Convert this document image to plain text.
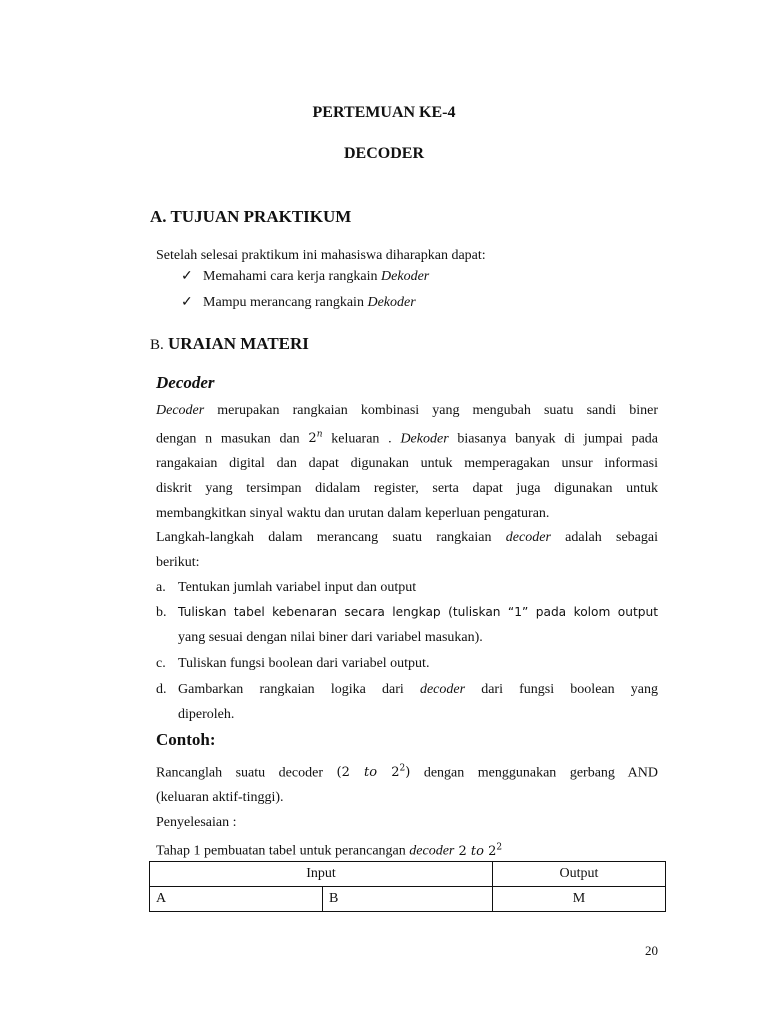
PERTEMUAN KE-4
DECODER
A. TUJUAN PRAKTIKUM
Setelah selesai praktikum ini mahasiswa diharapkan dapat:
✓ Memahami cara kerja rangkain Dekoder
✓ Mampu merancang rangkain Dekoder
B. URAIAN MATERI
Decoder
Decoder merupakan rangkaian kombinasi yang mengubah suatu sandi biner
dengan n masukan dan 2$^n$ keluaran . Dekoder biasanya banyak di jumpai pada
rangakaian digital dan dapat digunakan untuk memperagakan unsur informasi
diskrit yang tersimpan didalam register, serta dapat juga digunakan untuk
membangkitkan sinyal waktu dan urutan dalam keperluan pengaturan.
Langkah-langkah dalam merancang suatu rangkaian decoder adalah sebagai
berikut:
a. Tentukan jumlah variabel input dan output
b. Tuliskan tabel kebenaran secara lengkap (tuliskan “1” pada kolom output
yang sesuai dengan nilai biner dari variabel masukan).
c. Tuliskan fungsi boolean dari variabel output.
d. Gambarkan rangkaian logika dari decoder dari fungsi boolean yang
diperoleh.
Contoh:
Rancanglah suatu decoder (2 to $2^2$) dengan menggunakan gerbang AND
(keluaran aktif-tinggi).
Penyelesaian :
Tahap 1 pembuatan tabel untuk perancangan decoder 2 to $2^2$
Input		Output
A	B	M
20
